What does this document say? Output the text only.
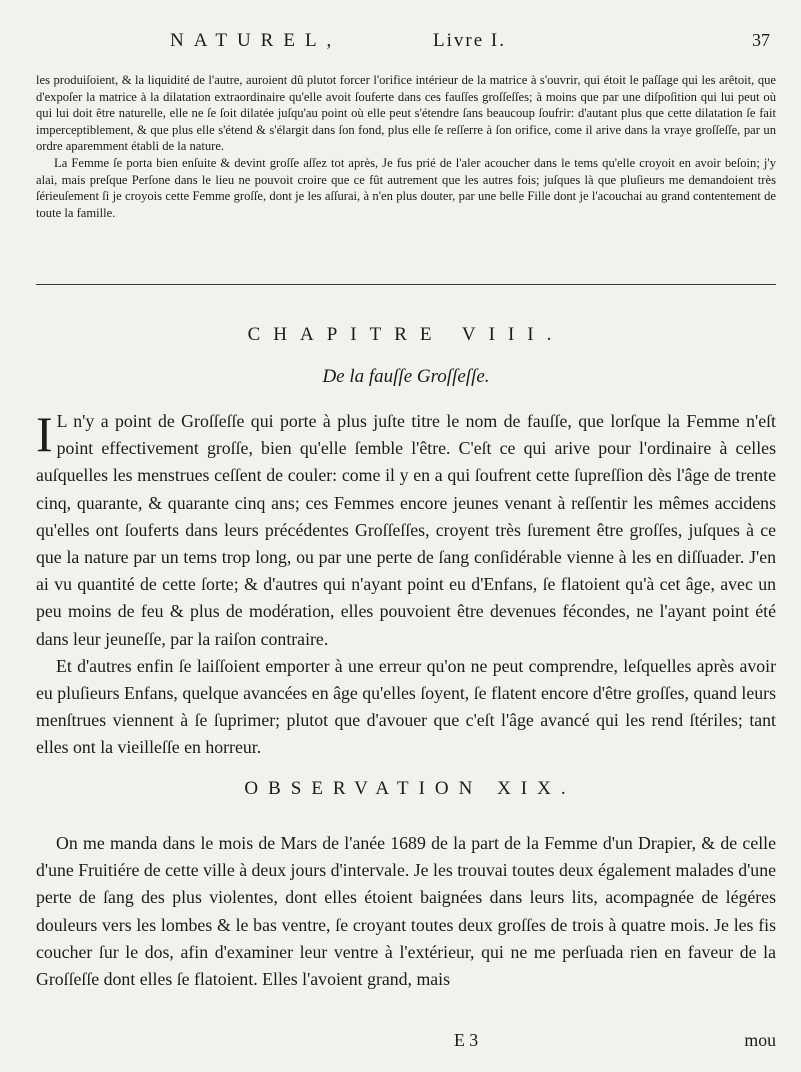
NATUREL,	Livre I.	37

les produiſoient, & la liquidité de l'autre, auroient dû plutot forcer l'orifice intérieur de la matrice à s'ouvrir, qui étoit le paſſage qui les arêtoit, que d'expoſer la matrice à la dilatation extraordinaire qu'elle avoit ſouferte dans ces fauſſes groſſeſſes; à moins que par une diſpoſition qui lui peut où qui lui doit être naturelle, elle ne ſe ſoit dilatée juſqu'au point où elle peut s'étendre ſans beaucoup ſoufrir: d'autant plus que cette dilatation ſe fait imperceptiblement, & que plus elle s'étend & s'élargit dans ſon fond, plus elle ſe reſſerre à ſon orifice, come il arive dans la vraye groſſeſſe, par un ordre aparemment établi de la nature.

La Femme ſe porta bien enſuite & devint groſſe aſſez tot après, Je fus prié de l'aler acoucher dans le tems qu'elle croyoit en avoir beſoin; j'y alai, mais preſque Perſone dans le lieu ne pouvoit croire que ce fût autrement que les autres fois; juſques là que pluſieurs me demandoient très ſérieuſement ſi je croyois cette Femme groſſe, dont je les aſſurai, à n'en plus douter, par une belle Fille dont je l'acouchai au grand contentement de toute la famille.

CHAPITRE VIII.
De la fauſſe Groſſeſſe.

I L n'y a point de Groſſeſſe qui porte à plus juſte titre le nom de fauſſe, que lorſque la Femme n'eſt point effectivement groſſe, bien qu'elle ſemble l'être. C'eſt ce qui arive pour l'ordinaire à celles auſquelles les menstrues ceſſent de couler: come il y en a qui ſoufrent cette ſupreſſion dès l'âge de trente cinq, quarante, & quarante cinq ans; ces Femmes encore jeunes venant à reſſentir les mêmes accidens qu'elles ont ſouferts dans leurs précédentes Groſſeſſes, croyent très ſurement être groſſes, juſques à ce que la nature par un tems trop long, ou par une perte de ſang conſidérable vienne à les en diſſuader. J'en ai vu quantité de cette ſorte; & d'autres qui n'ayant point eu d'Enfans, ſe flatoient qu'à cet âge, avec un peu moins de feu & plus de modération, elles pouvoient être devenues fécondes, ne l'ayant point été dans leur jeuneſſe, par la raiſon contraire.

Et d'autres enfin ſe laiſſoient emporter à une erreur qu'on ne peut comprendre, leſquelles après avoir eu pluſieurs Enfans, quelque avancées en âge qu'elles ſoyent, ſe flatent encore d'être groſſes, quand leurs menſtrues viennent à ſe ſuprimer; plutot que d'avouer que c'eſt l'âge avancé qui les rend ſtériles; tant elles ont la vieilleſſe en horreur.

OBSERVATION XIX.

On me manda dans le mois de Mars de l'anée 1689 de la part de la Femme d'un Drapier, & de celle d'une Fruitiére de cette ville à deux jours d'intervale. Je les trouvai toutes deux également malades d'une perte de ſang des plus violentes, dont elles étoient baignées dans leurs lits, acompagnée de légéres douleurs vers les lombes & le bas ventre, ſe croyant toutes deux groſſes de trois à quatre mois. Je les fis coucher ſur le dos, afin d'examiner leur ventre à l'extérieur, qui ne me perſuada rien en faveur de la Groſſeſſe dont elles ſe flatoient. Elles l'avoient grand, mais

E 3	mou
